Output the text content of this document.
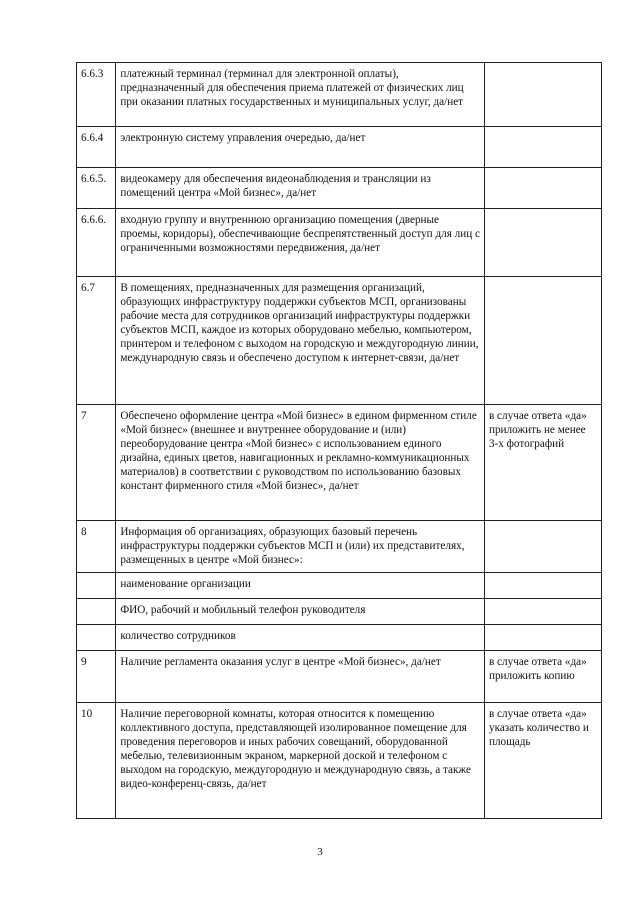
6.6.3	платежный терминал (терминал для электронной оплаты), предназначенный для обеспечения приема платежей от физических лиц при оказании платных государственных и муниципальных услуг, да/нет	
6.6.4	электронную систему управления очередью, да/нет	
6.6.5.	видеокамеру для обеспечения видеонаблюдения и трансляции из помещений центра «Мой бизнес», да/нет	
6.6.6.	входную группу и внутреннюю организацию помещения (дверные проемы, коридоры), обеспечивающие беспрепятственный доступ для лиц с ограниченными возможностями передвижения, да/нет	
6.7	В помещениях, предназначенных для размещения организаций, образующих инфраструктуру поддержки субъектов МСП, организованы рабочие места для сотрудников организаций инфраструктуры поддержки субъектов МСП, каждое из которых оборудовано мебелью, компьютером, принтером и телефоном с выходом на городскую и междугородную линии, международную связь и обеспечено доступом к интернет-связи, да/нет	
7	Обеспечено оформление центра «Мой бизнес» в едином фирменном стиле «Мой бизнес» (внешнее и внутреннее оборудование и (или) переоборудование центра «Мой бизнес» с использованием единого дизайна, единых цветов, навигационных и рекламно-коммуникационных материалов) в соответствии с руководством по использованию базовых констант фирменного стиля «Мой бизнес», да/нет	в случае ответа «да» приложить не менее 3-х фотографий
8	Информация об организациях, образующих базовый перечень инфраструктуры поддержки субъектов МСП и (или) их представителях, размещенных в центре «Мой бизнес»:	
	наименование организации	
	ФИО, рабочий и мобильный телефон руководителя	
	количество сотрудников	
9	Наличие регламента оказания услуг в центре «Мой бизнес», да/нет	в случае ответа «да» приложить копию
10	Наличие переговорной комнаты, которая относится к помещению коллективного доступа, представляющей изолированное помещение для проведения переговоров и иных рабочих совещаний, оборудованной мебелью, телевизионным экраном, маркерной доской и телефоном с выходом на городскую, междугородную и международную связь, а также видео-конференц-связь, да/нет	в случае ответа «да» указать количество и площадь
3
